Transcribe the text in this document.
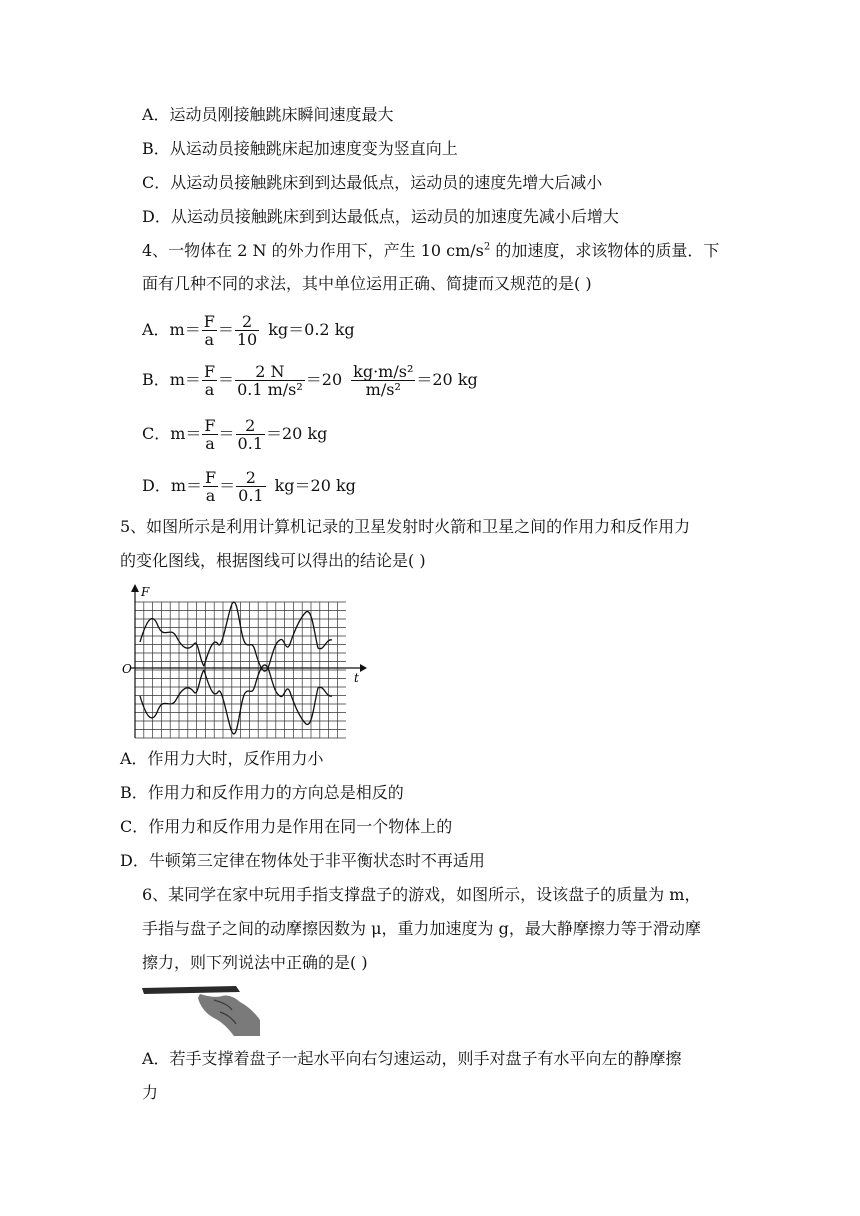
A．运动员刚接触跳床瞬间速度最大
B．从运动员接触跳床起加速度变为竖直向上
C．从运动员接触跳床到到达最低点，运动员的速度先增大后减小
D．从运动员接触跳床到到达最低点，运动员的加速度先减小后增大
4、一物体在 2 N 的外力作用下，产生 10 $cm/s^2$ 的加速度，求该物体的质量．下
面有几种不同的求法，其中单位运用正确、简捷而又规范的是( )
A．$m= \frac{F}{a} = \frac{2}{10} kg=0.2$ kg
B．$m= \frac{F}{a} = \frac{2 N}{\text{0.1 m/s²}} =20 \frac{\text{kg·m/s²}}{\text{m/s²}} =20$ kg
C．$m= \frac{F}{a} = \frac{2}{0.1} =20$ kg
D．$m= \frac{F}{a} = \frac{2}{0.1} kg=20$ kg
5、如图所示是利用计算机记录的卫星发射时火箭和卫星之间的作用力和反作用力
的变化图线，根据图线可以得出的结论是( )
F
t
O
A．作用力大时，反作用力小
B．作用力和反作用力的方向总是相反的
C．作用力和反作用力是作用在同一个物体上的
D．牛顿第三定律在物体处于非平衡状态时不再适用
6、某同学在家中玩用手指支撑盘子的游戏，如图所示，设该盘子的质量为 m，
手指与盘子之间的动摩擦因数为 μ，重力加速度为 g，最大静摩擦力等于滑动摩
擦力，则下列说法中正确的是( )
A．若手支撑着盘子一起水平向右匀速运动，则手对盘子有水平向左的静摩擦
力
